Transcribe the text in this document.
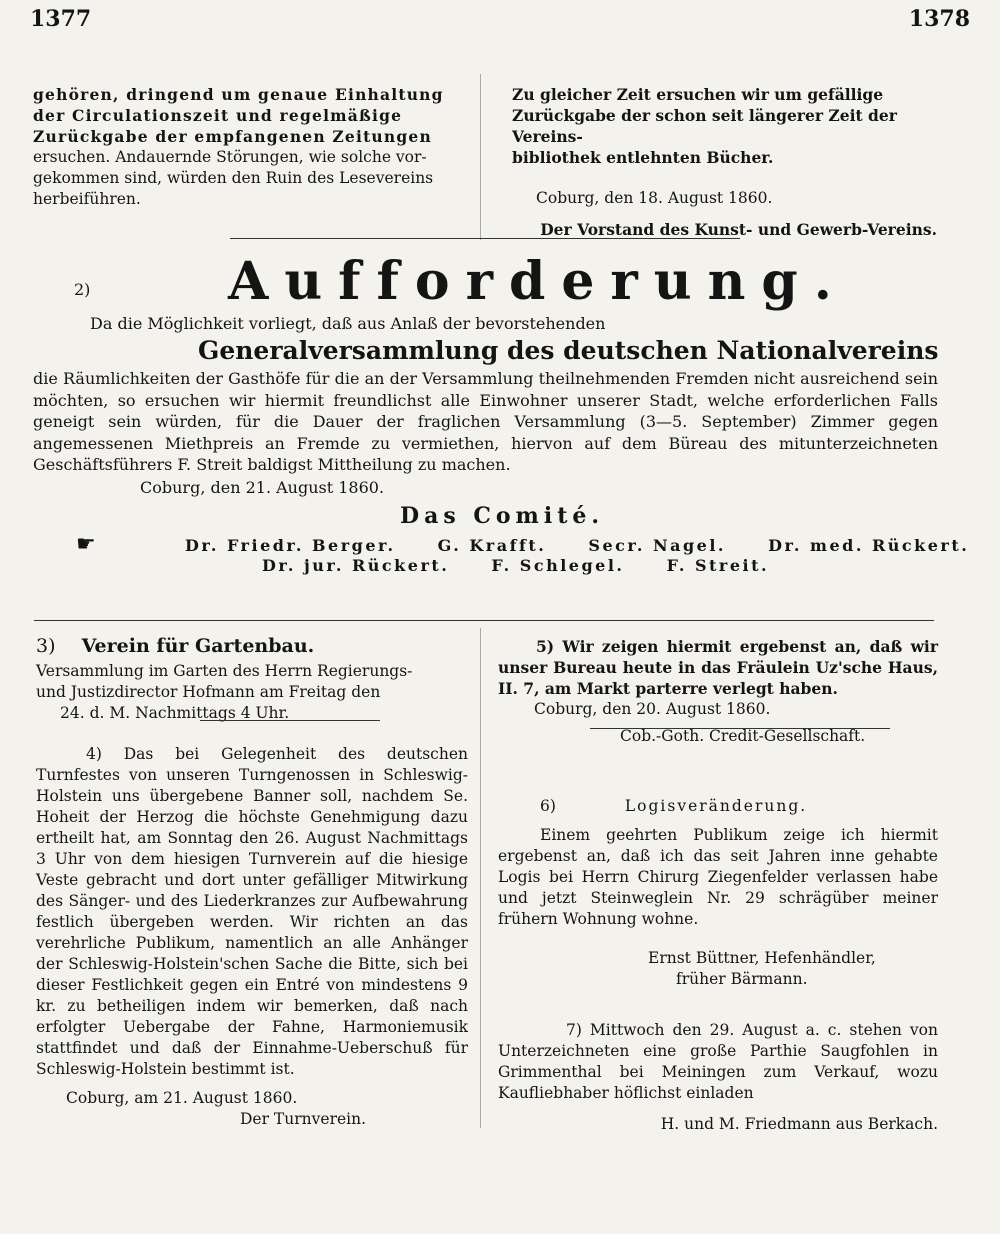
1377	1378
gehören, dringend um genaue Einhaltung
der Circulationszeit und regelmäßige
Zurückgabe der empfangenen Zeitungen
ersuchen. Andauernde Störungen, wie solche vor-
gekommen sind, würden den Ruin des Lesevereins
herbeiführen.
Zu gleicher Zeit ersuchen wir um gefällige
Zurückgabe der schon seit längerer Zeit der Vereins-
bibliothek entlehnten Bücher.
Coburg, den 18. August 1860.
Der Vorstand des Kunst- und Gewerb-Vereins.
2)	Aufforderung.
Da die Möglichkeit vorliegt, daß aus Anlaß der bevorstehenden
Generalversammlung des deutschen Nationalvereins
die Räumlichkeiten der Gasthöfe für die an der Versammlung theilnehmenden Fremden nicht ausreichend sein möchten, so ersuchen wir hiermit freundlichst alle Einwohner unserer Stadt, welche erforderlichen Falls geneigt sein würden, für die Dauer der fraglichen Versammlung (3—5. September) Zimmer gegen angemessenen Miethpreis an Fremde zu vermiethen, hiervon auf dem Büreau des mitunterzeichneten Geschäftsführers F. Streit baldigst Mittheilung zu machen.
Coburg, den 21. August 1860.
Das Comité.
☛	Dr. Friedr. Berger.	G. Krafft.	Secr. Nagel.	Dr. med. Rückert.
Dr. jur. Rückert.	F. Schlegel.	F. Streit.
3) Verein für Gartenbau.
Versammlung im Garten des Herrn Regierungs-
und Justizdirector Hofmann am Freitag den
24. d. M. Nachmittags 4 Uhr.
4) Das bei Gelegenheit des deutschen Turnfestes von unseren Turngenossen in Schleswig-Holstein uns übergebene Banner soll, nachdem Se. Hoheit der Herzog die höchste Genehmigung dazu ertheilt hat, am Sonntag den 26. August Nachmittags 3 Uhr von dem hiesigen Turnverein auf die hiesige Veste gebracht und dort unter gefälliger Mitwirkung des Sänger- und des Liederkranzes zur Aufbewahrung festlich übergeben werden. Wir richten an das verehrliche Publikum, namentlich an alle Anhänger der Schleswig-Holstein'schen Sache die Bitte, sich bei dieser Festlichkeit gegen ein Entré von mindestens 9 kr. zu betheiligen indem wir bemerken, daß nach erfolgter Uebergabe der Fahne, Harmoniemusik stattfindet und daß der Einnahme-Ueberschuß für Schleswig-Holstein bestimmt ist.
Coburg, am 21. August 1860.
Der Turnverein.
5) Wir zeigen hiermit ergebenst an, daß wir unser Bureau heute in das Fräulein Uz'sche Haus, II. 7, am Markt parterre verlegt haben.
Coburg, den 20. August 1860.
Cob.-Goth. Credit-Gesellschaft.
6)	Logisveränderung.
Einem geehrten Publikum zeige ich hiermit ergebenst an, daß ich das seit Jahren inne gehabte Logis bei Herrn Chirurg Ziegenfelder verlassen habe und jetzt Steinweglein Nr. 29 schrägüber meiner frühern Wohnung wohne.
Ernst Büttner, Hefenhändler,
früher Bärmann.
7) Mittwoch den 29. August a. c. stehen von Unterzeichneten eine große Parthie Saugfohlen in Grimmenthal bei Meiningen zum Verkauf, wozu Kaufliebhaber höflichst einladen
H. und M. Friedmann aus Berkach.
